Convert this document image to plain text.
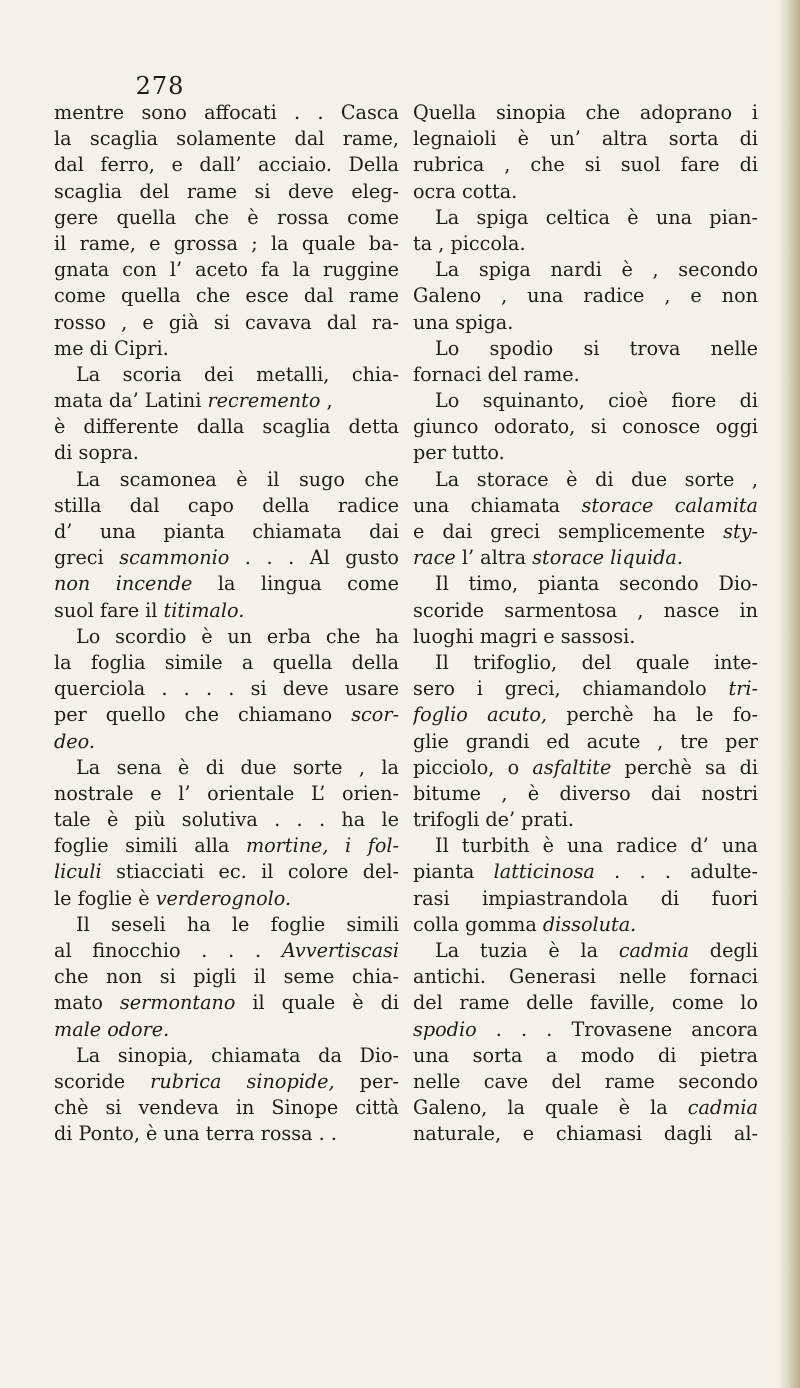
278
mentre sono affocati . . Casca
la scaglia solamente dal rame,
dal ferro, e dall’ acciaio. Della
scaglia del rame si deve eleg-
gere quella che è rossa come
il rame, e grossa ; la quale ba-
gnata con l’ aceto fa la ruggine
come quella che esce dal rame
rosso , e già si cavava dal ra-
me di Cipri.
La scoria dei metalli, chia-
mata da’ Latini recremento ,
è differente dalla scaglia detta
di sopra.
La scamonea è il sugo che
stilla dal capo della radice
d’ una pianta chiamata dai
greci scammonio . . . Al gusto
non incende la lingua come
suol fare il titimalo.
Lo scordio è un erba che ha
la foglia simile a quella della
querciola . . . . si deve usare
per quello che chiamano scor-
deo.
La sena è di due sorte , la
nostrale e l’ orientale L’ orien-
tale è più solutiva . . . ha le
foglie simili alla mortine, i fol-
liculi stiacciati ec. il colore del-
le foglie è verderognolo.
Il seseli ha le foglie simili
al finocchio . . . Avvertiscasi
che non si pigli il seme chia-
mato sermontano il quale è di
male odore.
La sinopia, chiamata da Dio-
scoride rubrica sinopide, per-
chè si vendeva in Sinope città
di Ponto, è una terra rossa . .
Quella sinopia che adoprano i
legnaioli è un’ altra sorta di
rubrica , che si suol fare di
ocra cotta.
La spiga celtica è una pian-
ta , piccola.
La spiga nardi è , secondo
Galeno , una radice , e non
una spiga.
Lo spodio si trova nelle
fornaci del rame.
Lo squinanto, cioè fiore di
giunco odorato, si conosce oggi
per tutto.
La storace è di due sorte ,
una chiamata storace calamita
e dai greci semplicemente sty-
race l’ altra storace liquida.
Il timo, pianta secondo Dio-
scoride sarmentosa , nasce in
luoghi magri e sassosi.
Il trifoglio, del quale inte-
sero i greci, chiamandolo tri-
foglio acuto, perchè ha le fo-
glie grandi ed acute , tre per
picciolo, o asfaltite perchè sa di
bitume , è diverso dai nostri
trifogli de’ prati.
Il turbith è una radice d’ una
pianta latticinosa . . . adulte-
rasi impiastrandola di fuori
colla gomma dissoluta.
La tuzia è la cadmia degli
antichi. Generasi nelle fornaci
del rame delle faville, come lo
spodio . . . Trovasene ancora
una sorta a modo di pietra
nelle cave del rame secondo
Galeno, la quale è la cadmia
naturale, e chiamasi dagli al-
